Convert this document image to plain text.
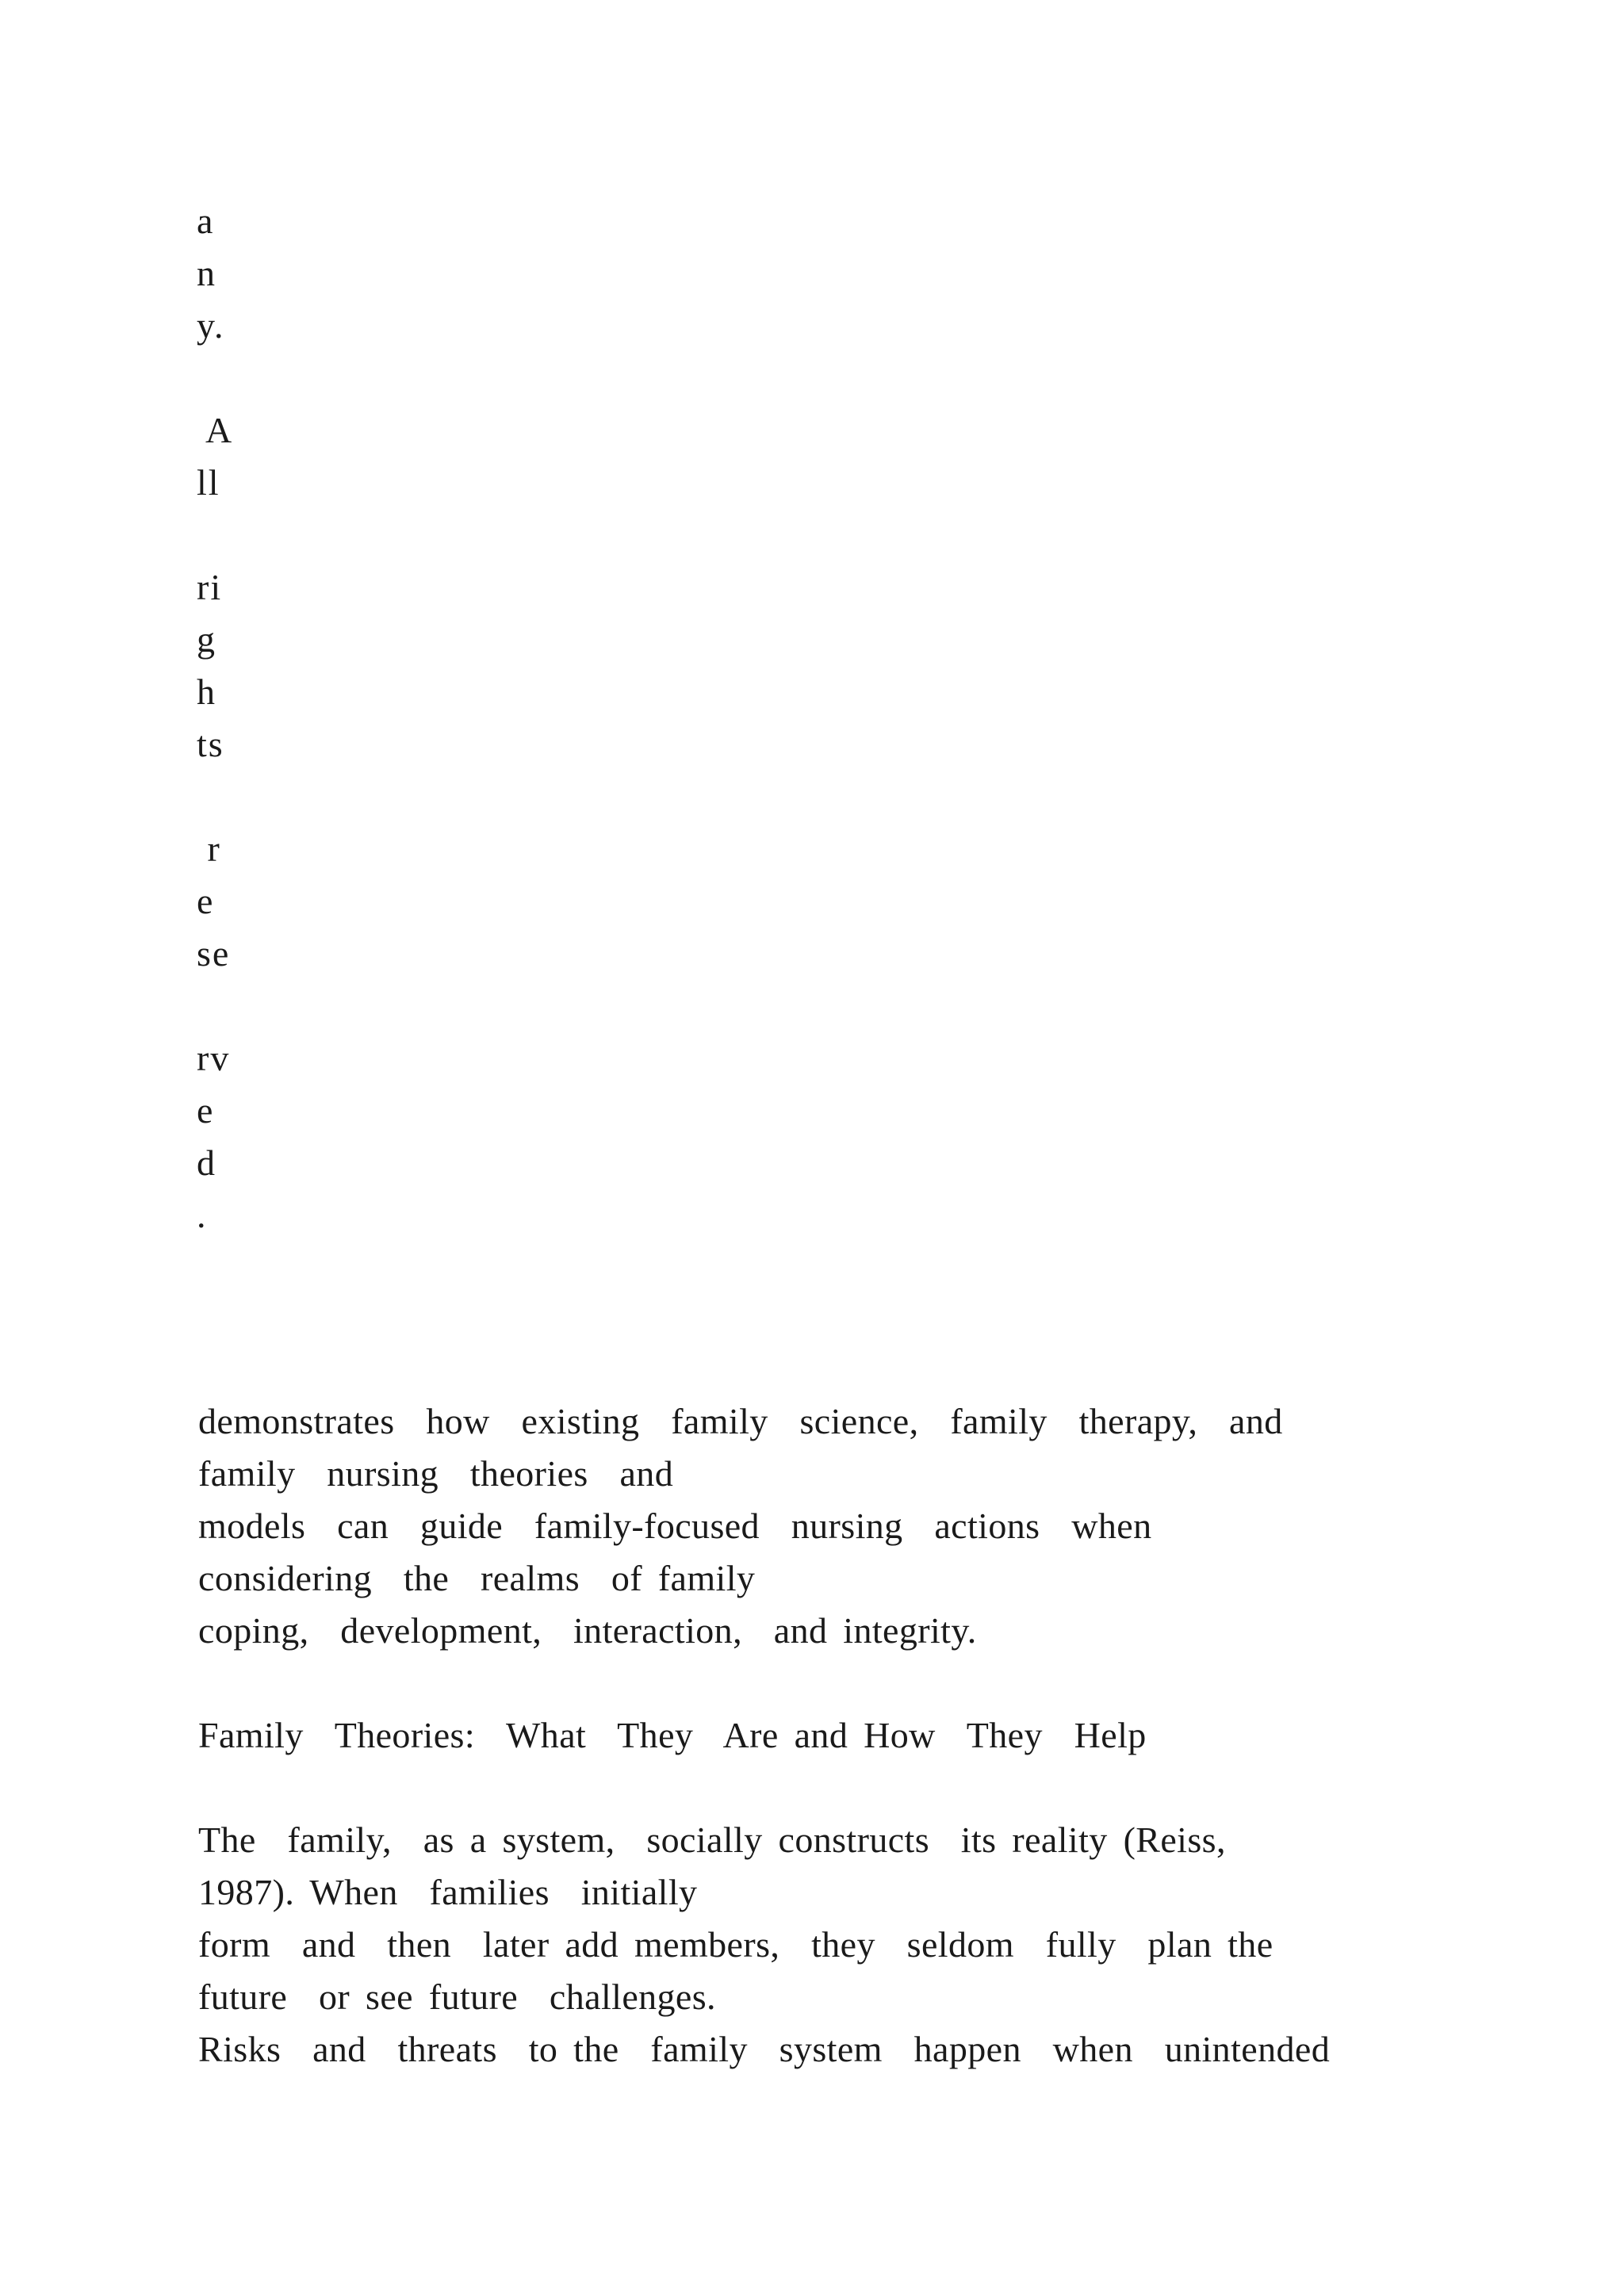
a
n
y.
A
ll
ri
g
h
ts
r
e
se
rv
e
d
.
demonstrates  how  existing  family  science,  family  therapy,  and
family  nursing  theories  and
models  can  guide  family-focused  nursing  actions  when
considering  the  realms  of family
coping,  development,  interaction,  and integrity.
Family  Theories:  What  They  Are and How  They  Help
The  family,  as a system,  socially constructs  its reality (Reiss,
1987). When  families  initially
form  and  then  later add members,  they  seldom  fully  plan the
future  or see future  challenges.
Risks  and  threats  to the  family  system  happen  when  unintended
